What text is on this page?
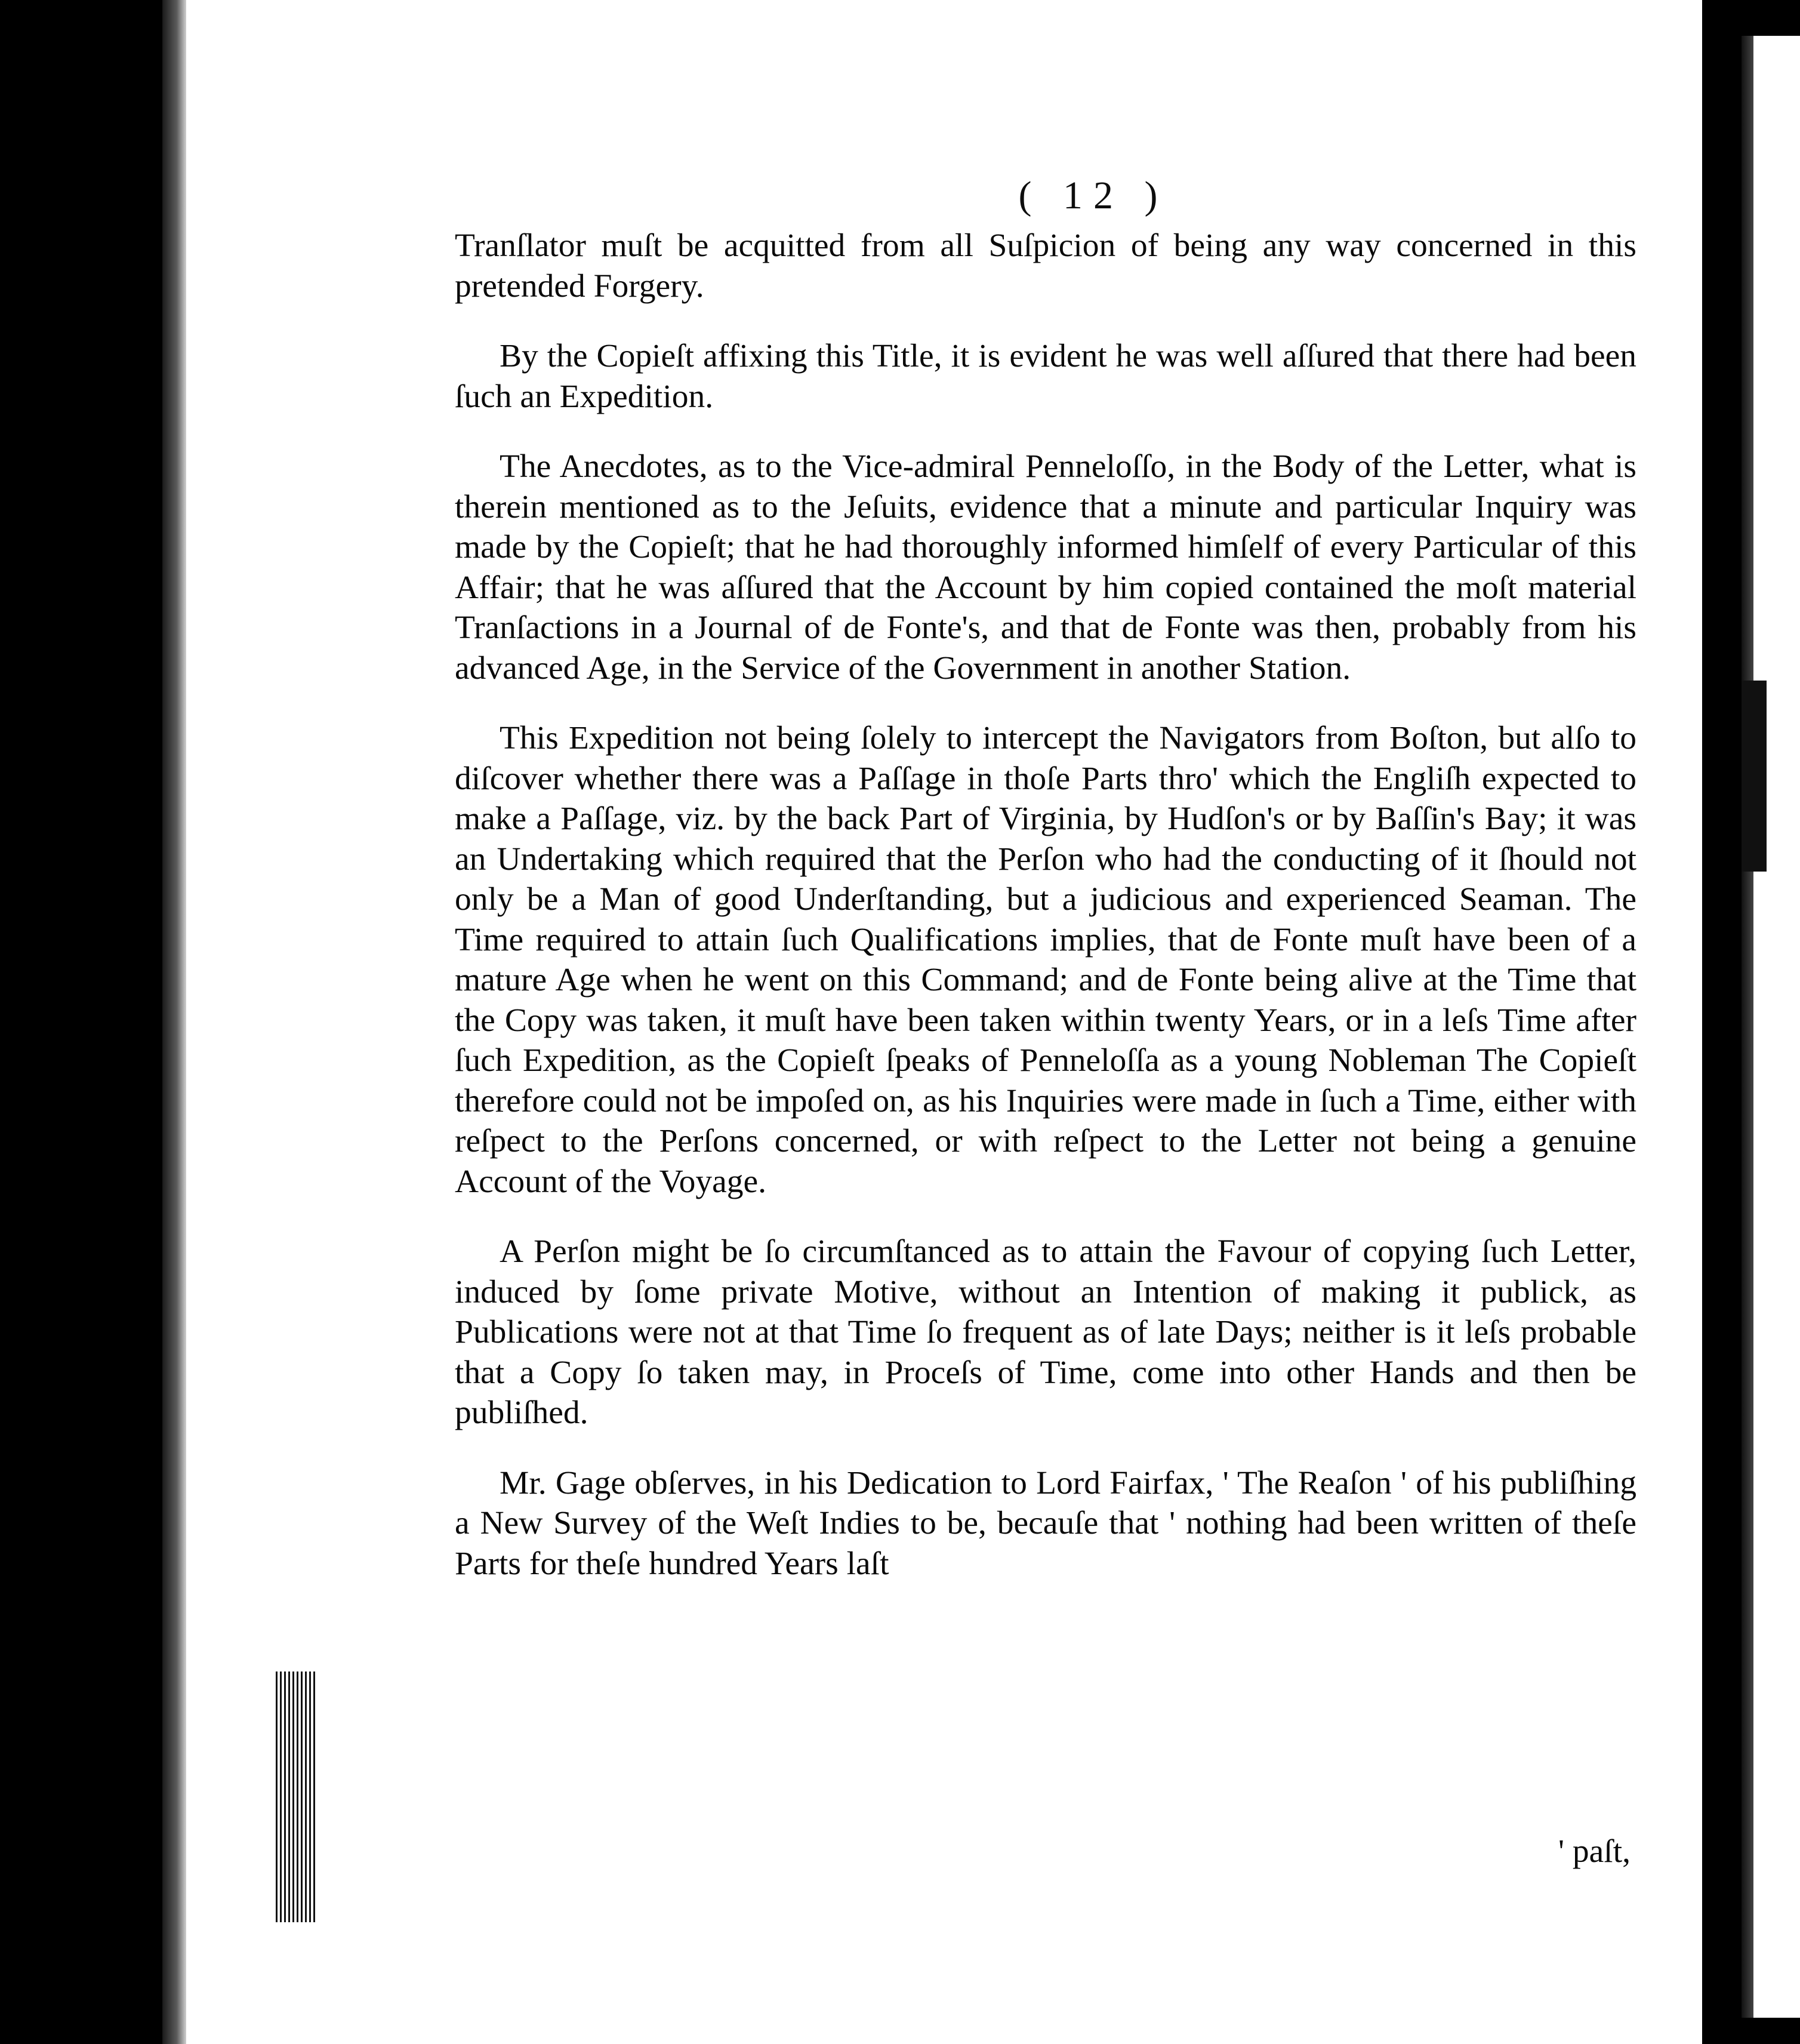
( 12 )

Tranſlator muſt be acquitted from all Suſpicion of being any way concerned in this pretended Forgery.

By the Copieſt affixing this Title, it is evident he was well aſſured that there had been ſuch an Expedition.

The Anecdotes, as to the Vice-admiral Penneloſſo, in the Body of the Letter, what is therein mentioned as to the Jeſuits, evidence that a minute and particular Inquiry was made by the Copieſt; that he had thoroughly informed himſelf of every Particular of this Affair; that he was aſſured that the Account by him copied contained the moſt material Tranſactions in a Journal of de Fonte's, and that de Fonte was then, probably from his advanced Age, in the Service of the Government in another Station.

This Expedition not being ſolely to intercept the Navigators from Boſton, but alſo to diſcover whether there was a Paſſage in thoſe Parts thro' which the Engliſh expected to make a Paſſage, viz. by the back Part of Virginia, by Hudſon's or by Baſſin's Bay; it was an Undertaking which required that the Perſon who had the conducting of it ſhould not only be a Man of good Underſtanding, but a judicious and experienced Seaman. The Time required to attain ſuch Qualifications implies, that de Fonte muſt have been of a mature Age when he went on this Command; and de Fonte being alive at the Time that the Copy was taken, it muſt have been taken within twenty Years, or in a leſs Time after ſuch Expedition, as the Copieſt ſpeaks of Penneloſſa as a young Nobleman The Copieſt therefore could not be impoſed on, as his Inquiries were made in ſuch a Time, either with reſpect to the Perſons concerned, or with reſpect to the Letter not being a genuine Account of the Voyage.

A Perſon might be ſo circumſtanced as to attain the Favour of copying ſuch Letter, induced by ſome private Motive, without an Intention of making it publick, as Publications were not at that Time ſo frequent as of late Days; neither is it leſs probable that a Copy ſo taken may, in Proceſs of Time, come into other Hands and then be publiſhed.

Mr. Gage obſerves, in his Dedication to Lord Fairfax, ' The Reaſon ' of his publiſhing a New Survey of the Weſt Indies to be, becauſe that ' nothing had been written of theſe Parts for theſe hundred Years laſt

' paſt,
